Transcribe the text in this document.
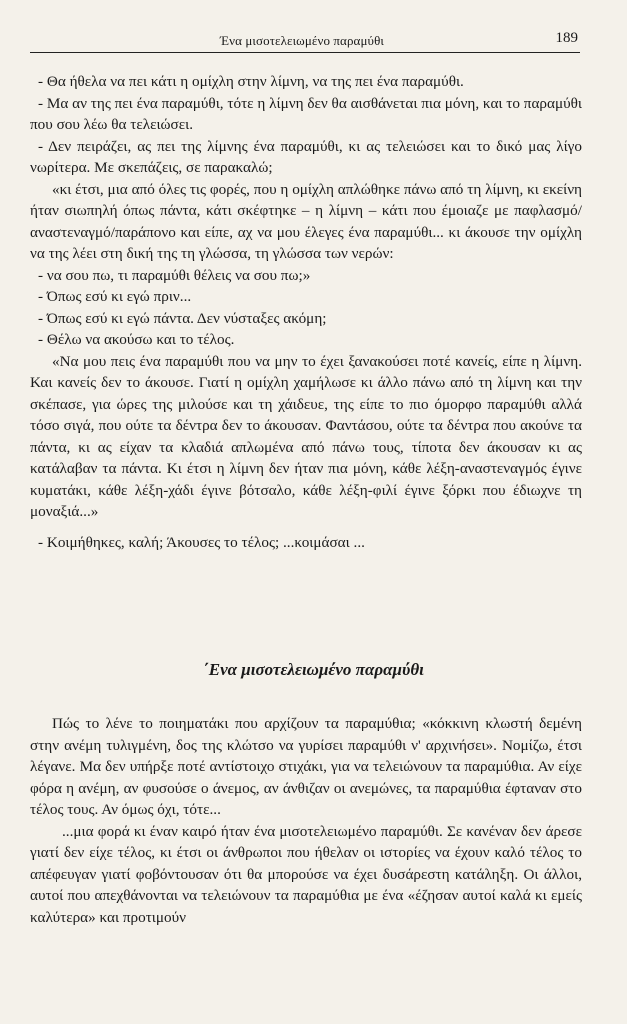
Ένα μισοτελειωμένο παραμύθι	189

- Θα ήθελα να πει κάτι η ομίχλη στην λίμνη, να της πει ένα παραμύθι.

- Μα αν της πει ένα παραμύθι, τότε η λίμνη δεν θα αισθάνεται πια μόνη, και το παραμύθι που σου λέω θα τελειώσει.

- Δεν πειράζει, ας πει της λίμνης ένα παραμύθι, κι ας τελειώσει και το δικό μας λίγο νωρίτερα. Με σκεπάζεις, σε παρακαλώ;

«κι έτσι, μια από όλες τις φορές, που η ομίχλη απλώθηκε πάνω από τη λίμνη, κι εκείνη ήταν σιωπηλή όπως πάντα, κάτι σκέφτηκε – η λίμνη – κάτι που έμοιαζε με παφλασμό/αναστεναγμό/παράπονο και είπε, αχ να μου έλεγες ένα παραμύθι... κι άκουσε την ομίχλη να της λέει στη δική της τη γλώσσα, τη γλώσσα των νερών:

- να σου πω, τι παραμύθι θέλεις να σου πω;»

- Όπως εσύ κι εγώ πριν...

- Όπως εσύ κι εγώ πάντα. Δεν νύσταξες ακόμη;

- Θέλω να ακούσω και το τέλος.

«Να μου πεις ένα παραμύθι που να μην το έχει ξανακούσει ποτέ κανείς, είπε η λίμνη. Και κανείς δεν το άκουσε. Γιατί η ομίχλη χαμήλωσε κι άλλο πάνω από τη λίμνη και την σκέπασε, για ώρες της μιλούσε και τη χάιδευε, της είπε το πιο όμορφο παραμύθι αλλά τόσο σιγά, που ούτε τα δέντρα δεν το άκουσαν. Φαντάσου, ούτε τα δέντρα που ακούνε τα πάντα, κι ας είχαν τα κλαδιά απλωμένα από πάνω τους, τίποτα δεν άκουσαν κι ας κατάλαβαν τα πάντα. Κι έτσι η λίμνη δεν ήταν πια μόνη, κάθε λέξη-αναστεναγμός έγινε κυματάκι, κάθε λέξη-χάδι έγινε βότσαλο, κάθε λέξη-φιλί έγινε ξόρκι που έδιωχνε τη μοναξιά...»

- Κοιμήθηκες, καλή; Άκουσες το τέλος; ...κοιμάσαι ...

΄Ενα μισοτελειωμένο παραμύθι

Πώς το λένε το ποιηματάκι που αρχίζουν τα παραμύθια; «κόκκινη κλωστή δεμένη στην ανέμη τυλιγμένη, δος της κλώτσο να γυρίσει παραμύθι ν' αρχινήσει». Νομίζω, έτσι λέγανε. Μα δεν υπήρξε ποτέ αντίστοιχο στιχάκι, για να τελειώνουν τα παραμύθια. Αν είχε φόρα η ανέμη, αν φυσούσε ο άνεμος, αν άνθιζαν οι ανεμώνες, τα παραμύθια έφταναν στο τέλος τους. Αν όμως όχι, τότε...

...μια φορά κι έναν καιρό ήταν ένα μισοτελειωμένο παραμύθι. Σε κανέναν δεν άρεσε γιατί δεν είχε τέλος, κι έτσι οι άνθρωποι που ήθελαν οι ιστορίες να έχουν καλό τέλος το απέφευγαν γιατί φοβόντουσαν ότι θα μπορούσε να έχει δυσάρεστη κατάληξη. Οι άλλοι, αυτοί που απεχθάνονται να τελειώνουν τα παραμύθια με ένα «έζησαν αυτοί καλά κι εμείς καλύτερα» και προτιμούν
